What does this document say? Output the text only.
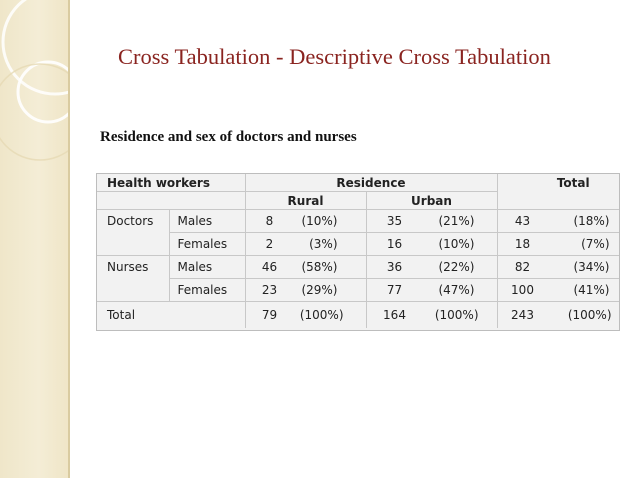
Cross Tabulation - Descriptive Cross Tabulation
Residence and sex of doctors and nurses
Health workers		Residence		Total
		Rural	Urban	
Doctors	Males	8 (10%)	35 (21%)	43 (18%)
	Females	2 (3%)	16 (10%)	18 (7%)
Nurses	Males	46 (58%)	36 (22%)	82 (34%)
	Females	23 (29%)	77 (47%)	100 (41%)
Total		79 (100%)	164 (100%)	243 (100%)
